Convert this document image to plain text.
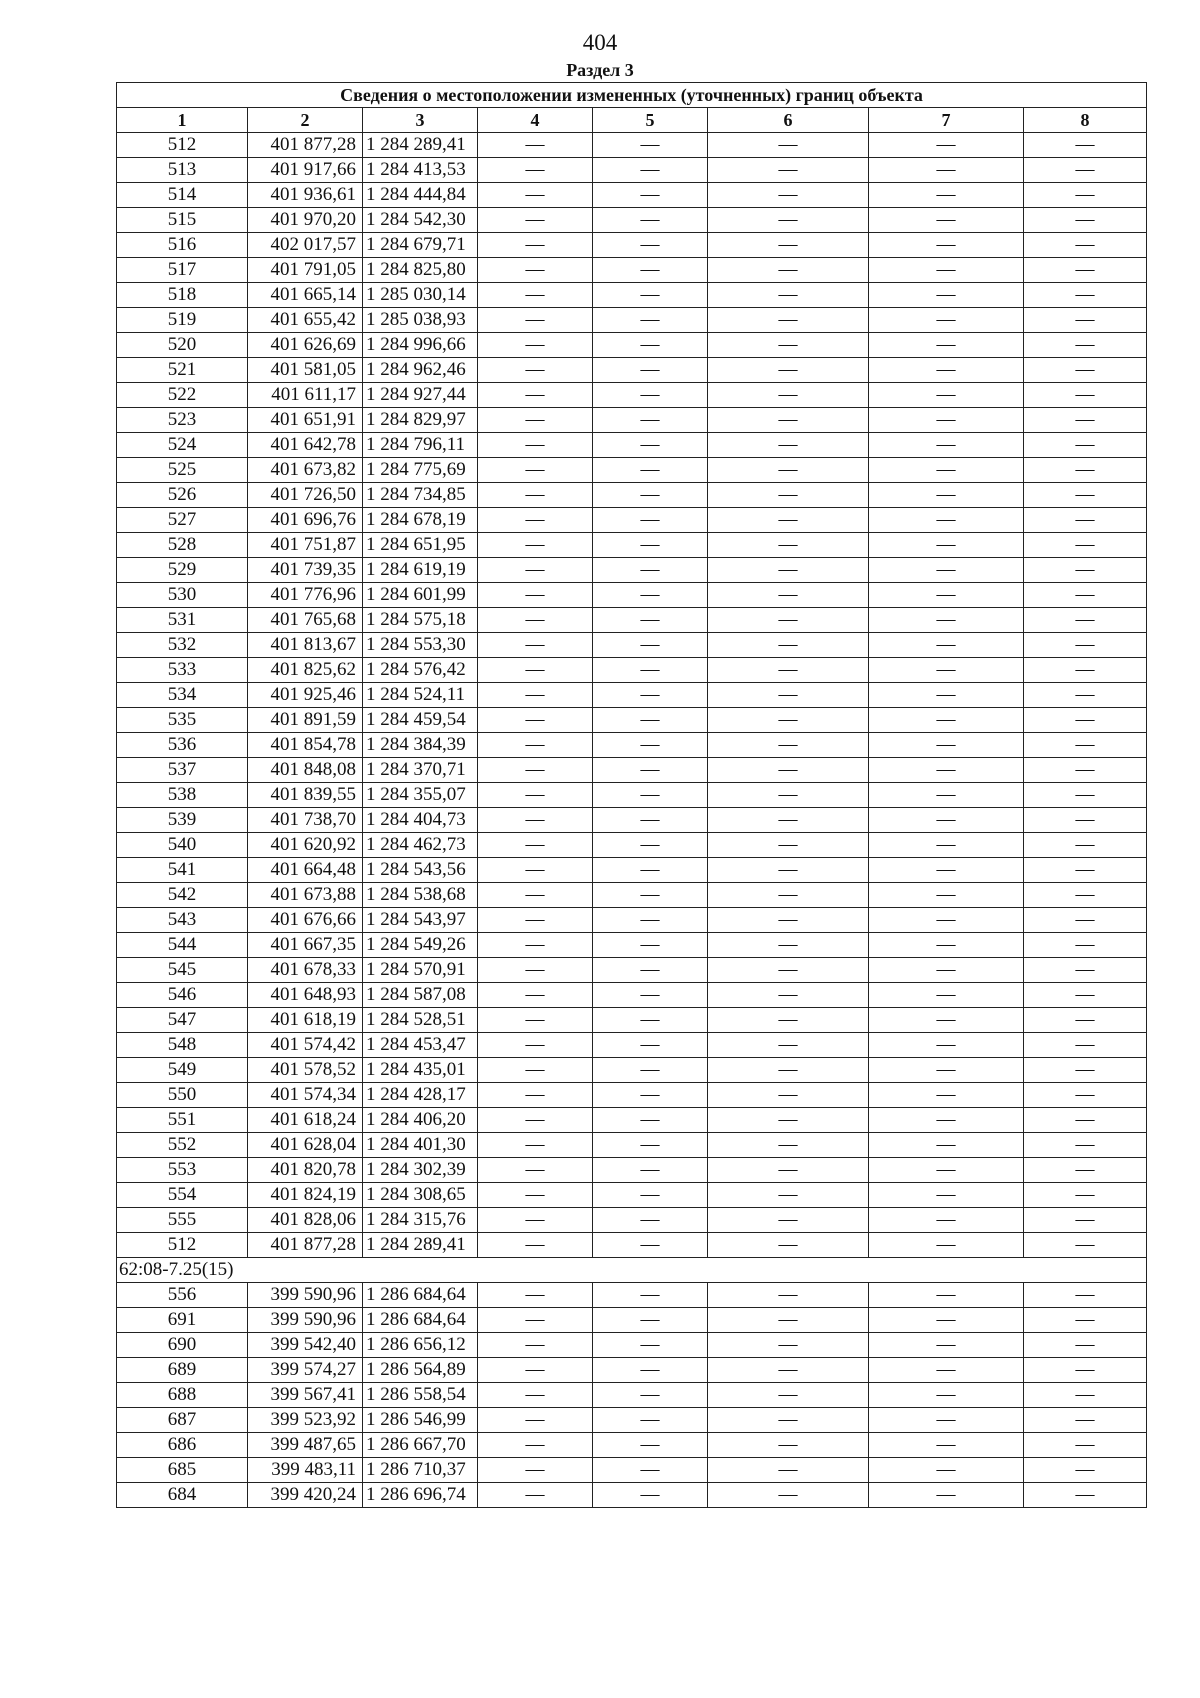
404
Раздел 3
Сведения о местоположении измененных (уточненных) границ объекта							
1	2	3	4	5	6	7	8
512	401 877,28	1 284 289,41	—	—	—	—	—
513	401 917,66	1 284 413,53	—	—	—	—	—
514	401 936,61	1 284 444,84	—	—	—	—	—
515	401 970,20	1 284 542,30	—	—	—	—	—
516	402 017,57	1 284 679,71	—	—	—	—	—
517	401 791,05	1 284 825,80	—	—	—	—	—
518	401 665,14	1 285 030,14	—	—	—	—	—
519	401 655,42	1 285 038,93	—	—	—	—	—
520	401 626,69	1 284 996,66	—	—	—	—	—
521	401 581,05	1 284 962,46	—	—	—	—	—
522	401 611,17	1 284 927,44	—	—	—	—	—
523	401 651,91	1 284 829,97	—	—	—	—	—
524	401 642,78	1 284 796,11	—	—	—	—	—
525	401 673,82	1 284 775,69	—	—	—	—	—
526	401 726,50	1 284 734,85	—	—	—	—	—
527	401 696,76	1 284 678,19	—	—	—	—	—
528	401 751,87	1 284 651,95	—	—	—	—	—
529	401 739,35	1 284 619,19	—	—	—	—	—
530	401 776,96	1 284 601,99	—	—	—	—	—
531	401 765,68	1 284 575,18	—	—	—	—	—
532	401 813,67	1 284 553,30	—	—	—	—	—
533	401 825,62	1 284 576,42	—	—	—	—	—
534	401 925,46	1 284 524,11	—	—	—	—	—
535	401 891,59	1 284 459,54	—	—	—	—	—
536	401 854,78	1 284 384,39	—	—	—	—	—
537	401 848,08	1 284 370,71	—	—	—	—	—
538	401 839,55	1 284 355,07	—	—	—	—	—
539	401 738,70	1 284 404,73	—	—	—	—	—
540	401 620,92	1 284 462,73	—	—	—	—	—
541	401 664,48	1 284 543,56	—	—	—	—	—
542	401 673,88	1 284 538,68	—	—	—	—	—
543	401 676,66	1 284 543,97	—	—	—	—	—
544	401 667,35	1 284 549,26	—	—	—	—	—
545	401 678,33	1 284 570,91	—	—	—	—	—
546	401 648,93	1 284 587,08	—	—	—	—	—
547	401 618,19	1 284 528,51	—	—	—	—	—
548	401 574,42	1 284 453,47	—	—	—	—	—
549	401 578,52	1 284 435,01	—	—	—	—	—
550	401 574,34	1 284 428,17	—	—	—	—	—
551	401 618,24	1 284 406,20	—	—	—	—	—
552	401 628,04	1 284 401,30	—	—	—	—	—
553	401 820,78	1 284 302,39	—	—	—	—	—
554	401 824,19	1 284 308,65	—	—	—	—	—
555	401 828,06	1 284 315,76	—	—	—	—	—
512	401 877,28	1 284 289,41	—	—	—	—	—
62:08-7.25(15)							
556	399 590,96	1 286 684,64	—	—	—	—	—
691	399 590,96	1 286 684,64	—	—	—	—	—
690	399 542,40	1 286 656,12	—	—	—	—	—
689	399 574,27	1 286 564,89	—	—	—	—	—
688	399 567,41	1 286 558,54	—	—	—	—	—
687	399 523,92	1 286 546,99	—	—	—	—	—
686	399 487,65	1 286 667,70	—	—	—	—	—
685	399 483,11	1 286 710,37	—	—	—	—	—
684	399 420,24	1 286 696,74	—	—	—	—	—
